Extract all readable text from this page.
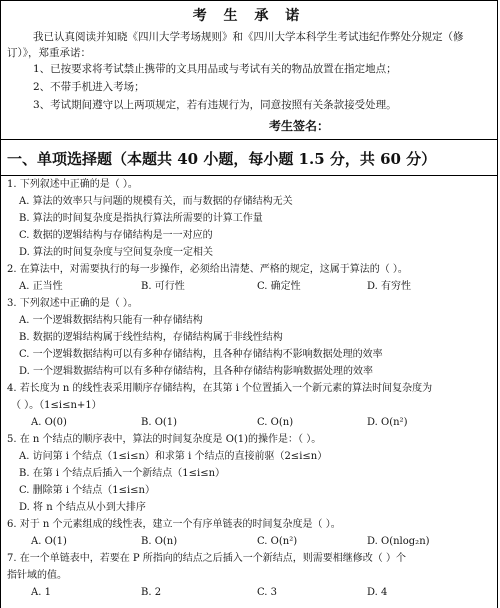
考 生 承 诺
我已认真阅读并知晓《四川大学考场规则》和《四川大学本科学生考试违纪作弊处分规定（修
订）》，郑重承诺：
1、已按要求将考试禁止携带的文具用品或与考试有关的物品放置在指定地点；
2、不带手机进入考场；
3、考试期间遵守以上两项规定，若有违规行为，同意按照有关条款接受处理。
考生签名：
一、单项选择题（本题共 40 小题，每小题 1.5 分，共 60 分）
1. 下列叙述中正确的是（ ）。
A. 算法的效率只与问题的规模有关，而与数据的存储结构无关
B. 算法的时间复杂度是指执行算法所需要的计算工作量
C. 数据的逻辑结构与存储结构是一一对应的
D. 算法的时间复杂度与空间复杂度一定相关
2. 在算法中，对需要执行的每一步操作，必须给出清楚、严格的规定，这属于算法的（ ）。
A. 正当性	B. 可行性	C. 确定性	D. 有穷性
3. 下列叙述中正确的是（ ）。
A. 一个逻辑数据结构只能有一种存储结构
B. 数据的逻辑结构属于线性结构，存储结构属于非线性结构
C. 一个逻辑数据结构可以有多种存储结构，且各种存储结构不影响数据处理的效率
D. 一个逻辑数据结构可以有多种存储结构，且各种存储结构影响数据处理的效率
4. 若长度为 n 的线性表采用顺序存储结构，在其第 i 个位置插入一个新元素的算法时间复杂度为
（ ）。（1≤i≤n+1）
A. O(0)	B. O(1)	C. O(n)	D. O(n²)
5. 在 n 个结点的顺序表中，算法的时间复杂度是 O(1)的操作是：（ ）。
A. 访问第 i 个结点（1≤i≤n）和求第 i 个结点的直接前驱（2≤i≤n）
B. 在第 i 个结点后插入一个新结点（1≤i≤n）
C. 删除第 i 个结点（1≤i≤n）
D. 将 n 个结点从小到大排序
6. 对于 n 个元素组成的线性表，建立一个有序单链表的时间复杂度是（ ）。
A. O(1)	B. O(n)	C. O(n²)	D. O(nlog₂n)
7. 在一个单链表中，若要在 P 所指向的结点之后插入一个新结点，则需要相继修改（ ）个
指针域的值。
A. 1	B. 2	C. 3	D. 4
